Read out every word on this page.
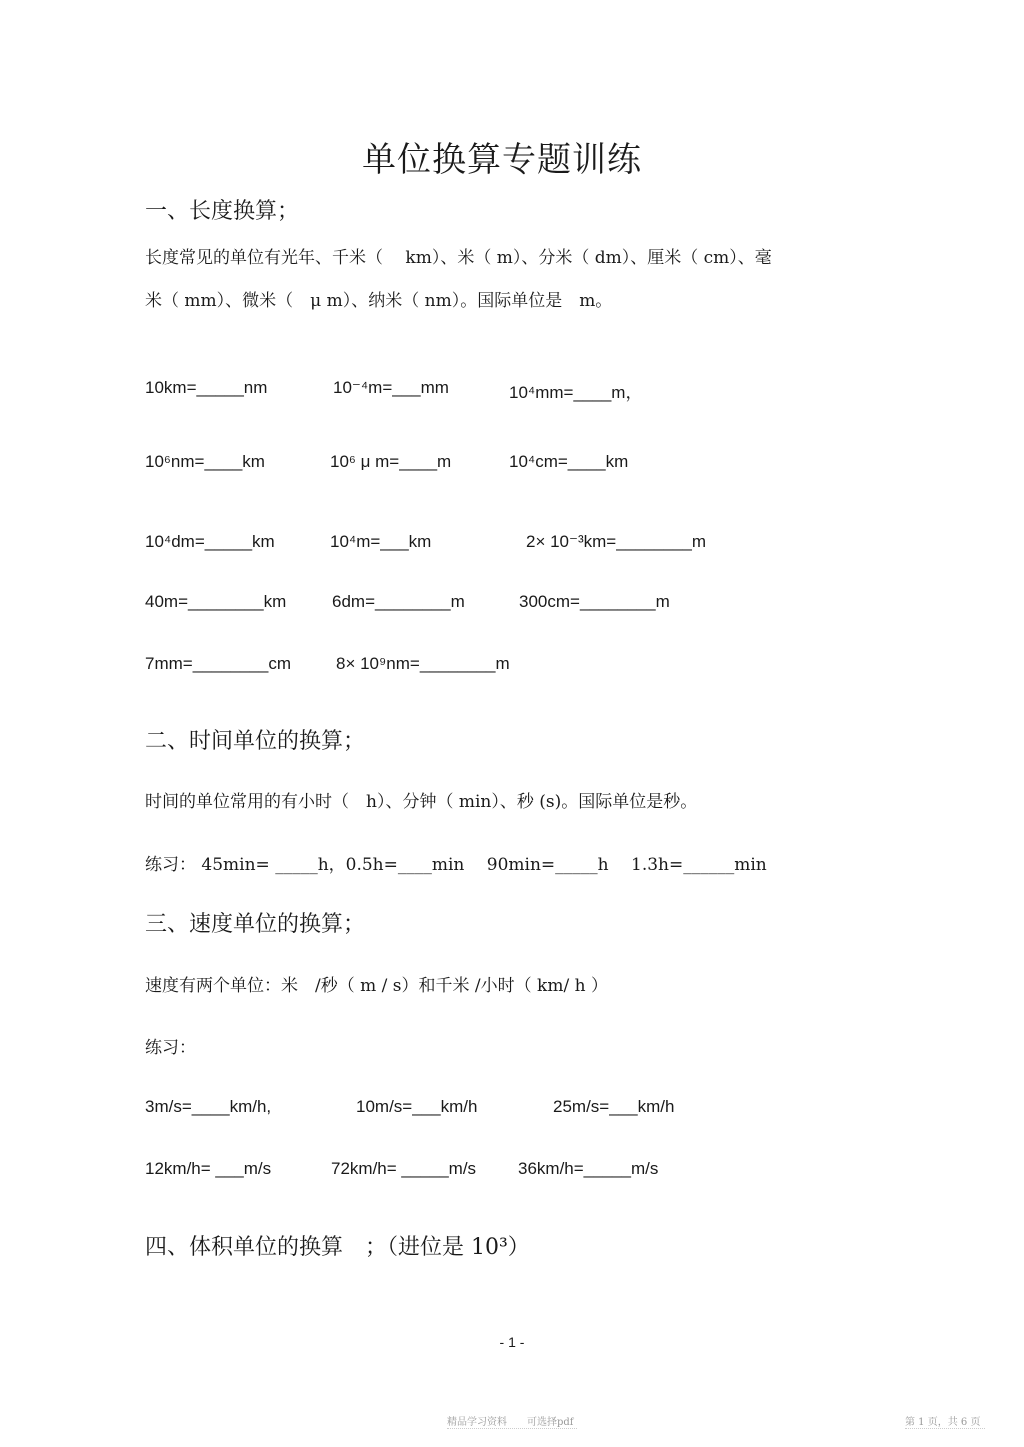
单位换算专题训练
一、长度换算；
长度常见的单位有光年、千米（　 km）、米（ m）、分米（ dm）、厘米（ cm）、毫
米（ mm）、微米（　μ m）、纳米（ nm）。国际单位是　m。
10km=_____nm	10⁻⁴m=___mm	10⁴mm=____m，
10⁶nm=____km	10⁶ μ m=____m	10⁴cm=____km
10⁴dm=_____km	10⁴m=___km	2× 10⁻³km=________m
40m=________km	6dm=________m	300cm=________m
7mm=________cm	8× 10⁹nm=________m
二、时间单位的换算；
时间的单位常用的有小时（　h）、分钟（ min）、秒 (s)。国际单位是秒。
练习： 45min= _____h，0.5h=____min　 90min=_____h　 1.3h=______min
三、速度单位的换算；
速度有两个单位：米　/秒（ m / s）和千米 /小时（ km/ h ）
练习：
3m/s=____km/h,	10m/s=___km/h	25m/s=___km/h
12km/h= ___m/s	72km/h= _____m/s 36km/h=_____m/s
四、体积单位的换算　；（进位是 10³）
- 1 -
精品学习资料　　可选择pdf	第 1 页，共 6 页
